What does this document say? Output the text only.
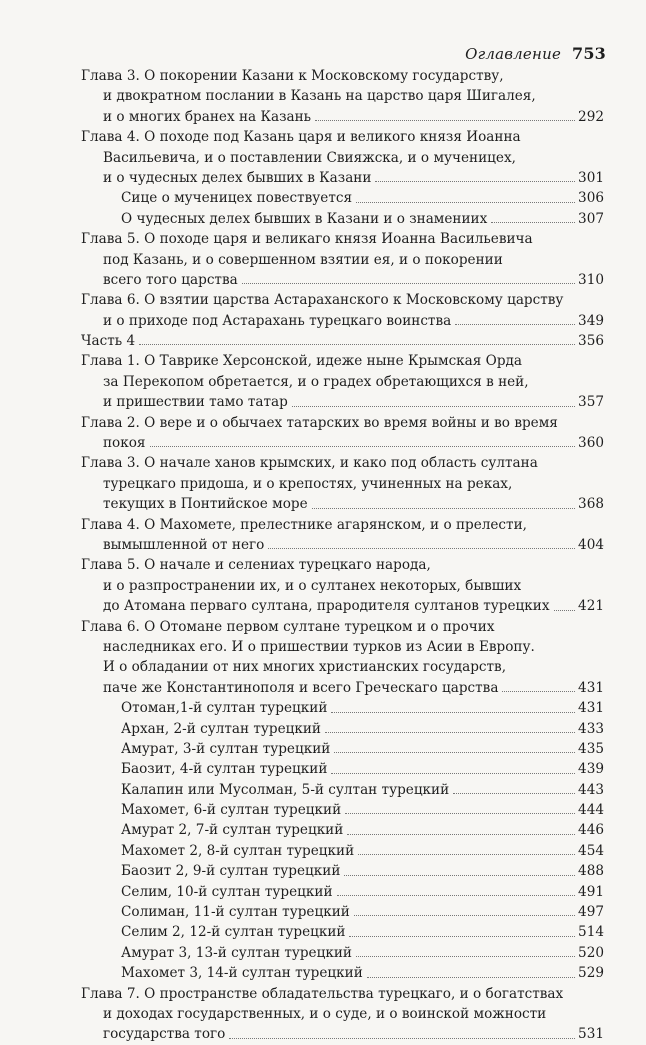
Оглавление 753
Глава 3. О покорении Казани к Московскому государству,
и двократном послании в Казань на царство царя Шигалея,
и о многих бранех на Казань	292
Глава 4. О походе под Казань царя и великого князя Иоанна
Васильевича, и о поставлении Свияжска, и о мученицех,
и о чудесных делех бывших в Казани	301
Сице о мученицех повествуется	306
О чудесных делех бывших в Казани и о знамениих	307
Глава 5. О походе царя и великаго князя Иоанна Васильевича
под Казань, и о совершенном взятии ея, и о покорении
всего того царства	310
Глава 6. О взятии царства Астараханского к Московскому царству
и о приходе под Астарахань турецкаго воинства	349
Часть 4	356
Глава 1. О Таврике Херсонской, идеже ныне Крымская Орда
за Перекопом обретается, и о градех обретающихся в ней,
и пришествии тамо татар	357
Глава 2. О вере и о обычаех татарских во время войны и во время
покоя	360
Глава 3. О начале ханов крымских, и како под область султана
турецкаго придоша, и о крепостях, учиненных на реках,
текущих в Понтийское море	368
Глава 4. О Махомете, прелестнике агарянском, и о прелести,
вымышленной от него	404
Глава 5. О начале и селениах турецкаго народа,
и о разпространении их, и о султанех некоторых, бывших
до Атомана перваго султана, прародителя султанов турецких 421
Глава 6. О Отомане первом султане турецком и о прочих
наследниках его. И о пришествии турков из Асии в Европу.
И о обладании от них многих христианских государств,
паче же Константинополя и всего Греческаго царства	431
Отоман,1-й султан турецкий	431
Архан, 2-й султан турецкий	433
Амурат, 3-й султан турецкий	435
Баозит, 4-й султан турецкий	439
Калапин или Мусолман, 5-й султан турецкий	443
Махомет, 6-й султан турецкий	444
Амурат 2, 7-й султан турецкий	446
Махомет 2, 8-й султан турецкий	454
Баозит 2, 9-й султан турецкий	488
Селим, 10-й султан турецкий	491
Солиман, 11-й султан турецкий	497
Селим 2, 12-й султан турецкий	514
Амурат 3, 13-й султан турецкий	520
Махомет 3, 14-й султан турецкий	529
Глава 7. О пространстве обладательства турецкаго, и о богатствах
и доходах государственных, и о суде, и о воинской можности
государства того	531
